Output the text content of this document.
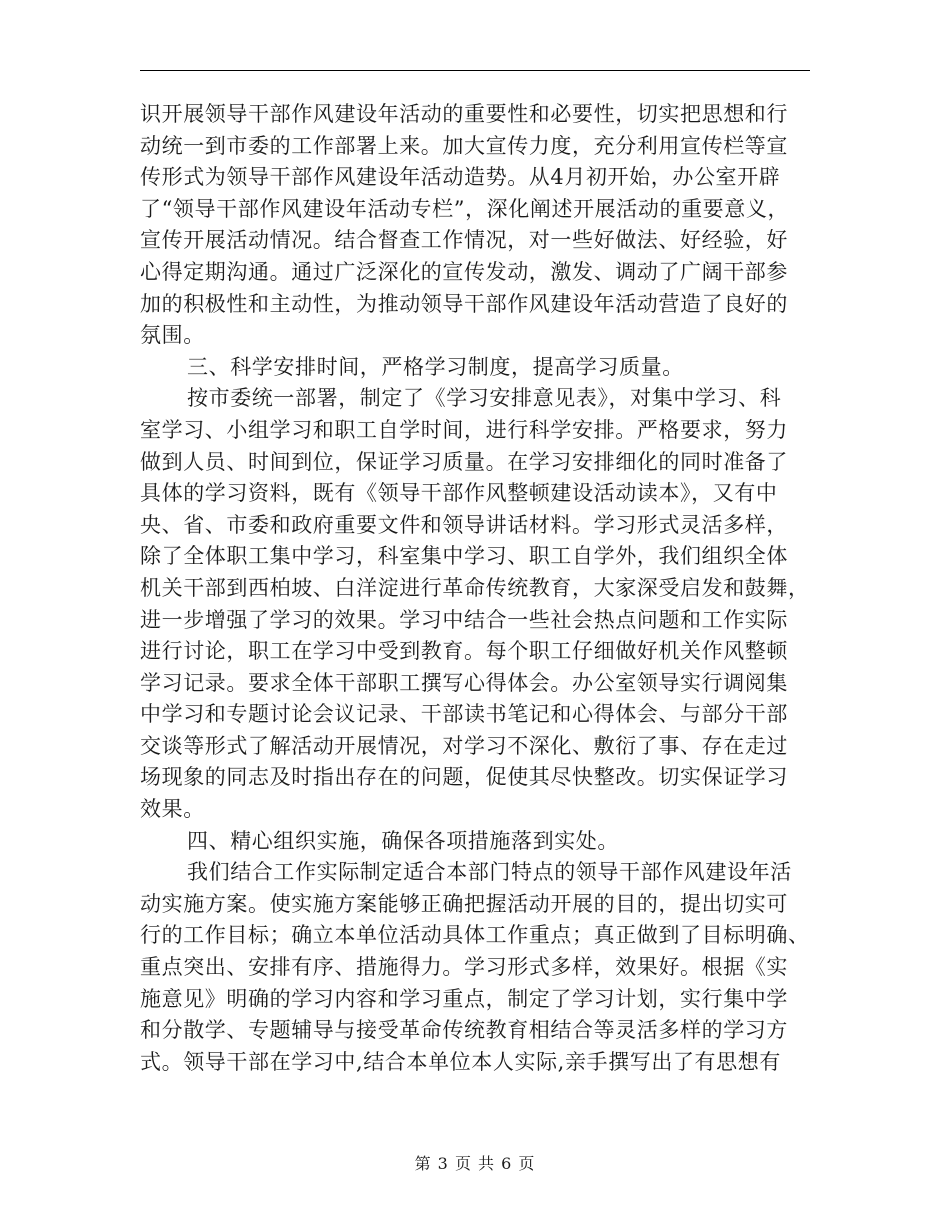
识开展领导干部作风建设年活动的重要性和必要性，切实把思想和行
动统一到市委的工作部署上来。加大宣传力度，充分利用宣传栏等宣
传形式为领导干部作风建设年活动造势。从4月初开始，办公室开辟
了“领导干部作风建设年活动专栏”，深化阐述开展活动的重要意义，
宣传开展活动情况。结合督查工作情况，对一些好做法、好经验，好
心得定期沟通。通过广泛深化的宣传发动，激发、调动了广阔干部参
加的积极性和主动性，为推动领导干部作风建设年活动营造了良好的
氛围。
三、科学安排时间，严格学习制度，提高学习质量。
按市委统一部署，制定了《学习安排意见表》，对集中学习、科
室学习、小组学习和职工自学时间，进行科学安排。严格要求，努力
做到人员、时间到位，保证学习质量。在学习安排细化的同时准备了
具体的学习资料，既有《领导干部作风整顿建设活动读本》，又有中
央、省、市委和政府重要文件和领导讲话材料。学习形式灵活多样，
除了全体职工集中学习，科室集中学习、职工自学外，我们组织全体
机关干部到西柏坡、白洋淀进行革命传统教育，大家深受启发和鼓舞，
进一步增强了学习的效果。学习中结合一些社会热点问题和工作实际
进行讨论，职工在学习中受到教育。每个职工仔细做好机关作风整顿
学习记录。要求全体干部职工撰写心得体会。办公室领导实行调阅集
中学习和专题讨论会议记录、干部读书笔记和心得体会、与部分干部
交谈等形式了解活动开展情况，对学习不深化、敷衍了事、存在走过
场现象的同志及时指出存在的问题，促使其尽快整改。切实保证学习
效果。
四、精心组织实施，确保各项措施落到实处。
我们结合工作实际制定适合本部门特点的领导干部作风建设年活
动实施方案。使实施方案能够正确把握活动开展的目的，提出切实可
行的工作目标；确立本单位活动具体工作重点；真正做到了目标明确、
重点突出、安排有序、措施得力。学习形式多样，效果好。根据《实
施意见》明确的学习内容和学习重点，制定了学习计划，实行集中学
和分散学、专题辅导与接受革命传统教育相结合等灵活多样的学习方
式。领导干部在学习中,结合本单位本人实际,亲手撰写出了有思想有
第 3 页 共 6 页
